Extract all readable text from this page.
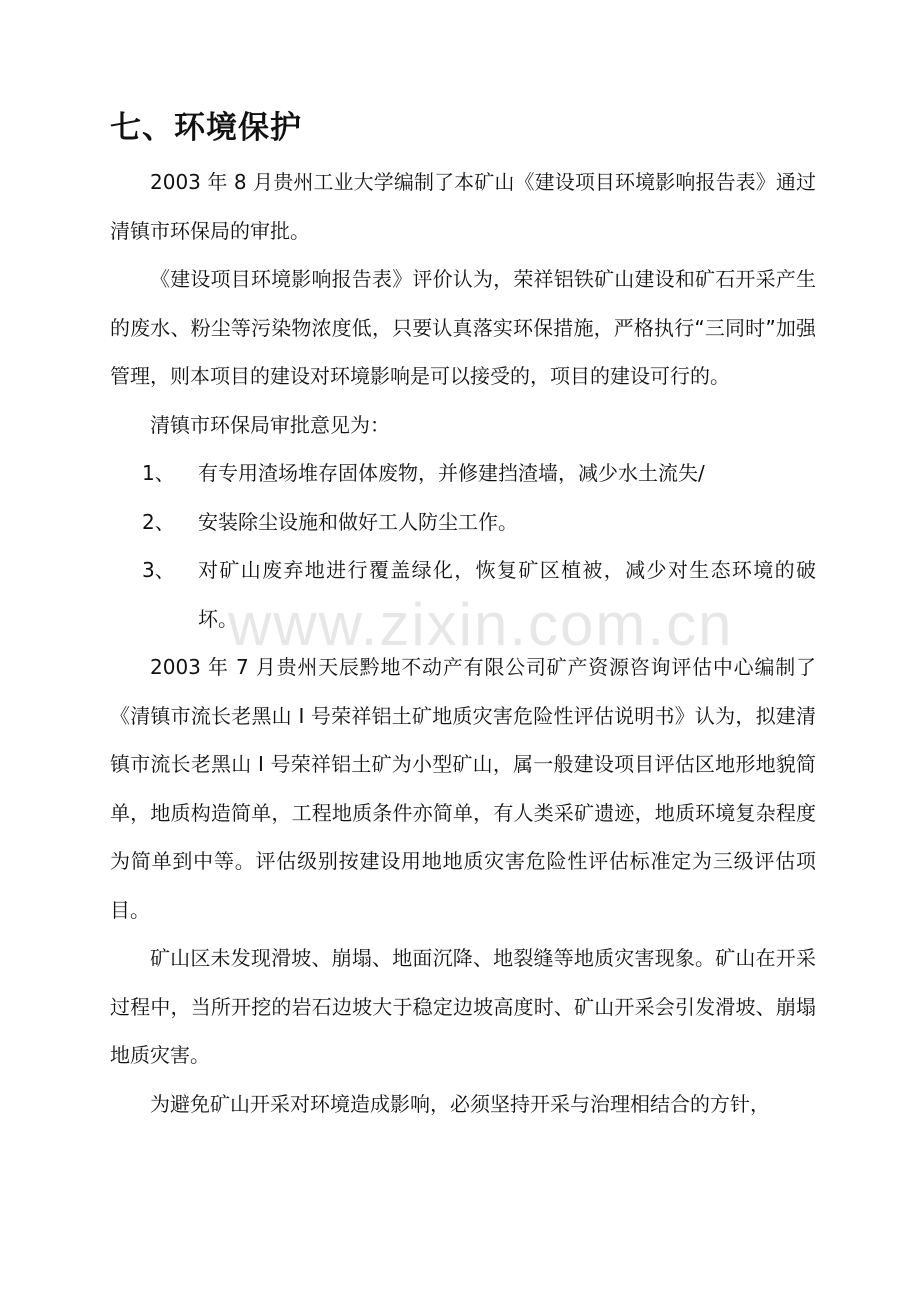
www.zixin.com.cn
七、环境保护

2003 年 8 月贵州工业大学编制了本矿山《建设项目环境影响报告表》通过清镇市环保局的审批。

《建设项目环境影响报告表》评价认为，荣祥铝铁矿山建设和矿石开采产生的废水、粉尘等污染物浓度低，只要认真落实环保措施，严格执行“三同时”加强管理，则本项目的建设对环境影响是可以接受的，项目的建设可行的。

清镇市环保局审批意见为：

1、 有专用渣场堆存固体废物，并修建挡渣墙，减少水土流失/
2、 安装除尘设施和做好工人防尘工作。
3、 对矿山废弃地进行覆盖绿化，恢复矿区植被，减少对生态环境的破坏。

2003 年 7 月贵州天辰黔地不动产有限公司矿产资源咨询评估中心编制了《清镇市流长老黑山 I 号荣祥铝土矿地质灾害危险性评估说明书》认为，拟建清镇市流长老黑山 I 号荣祥铝土矿为小型矿山，属一般建设项目评估区地形地貌简单，地质构造简单，工程地质条件亦简单，有人类采矿遗迹，地质环境复杂程度为简单到中等。评估级别按建设用地地质灾害危险性评估标准定为三级评估项目。

矿山区未发现滑坡、崩塌、地面沉降、地裂缝等地质灾害现象。矿山在开采过程中，当所开挖的岩石边坡大于稳定边坡高度时、矿山开采会引发滑坡、崩塌地质灾害。

为避免矿山开采对环境造成影响，必须坚持开采与治理相结合的方针，
